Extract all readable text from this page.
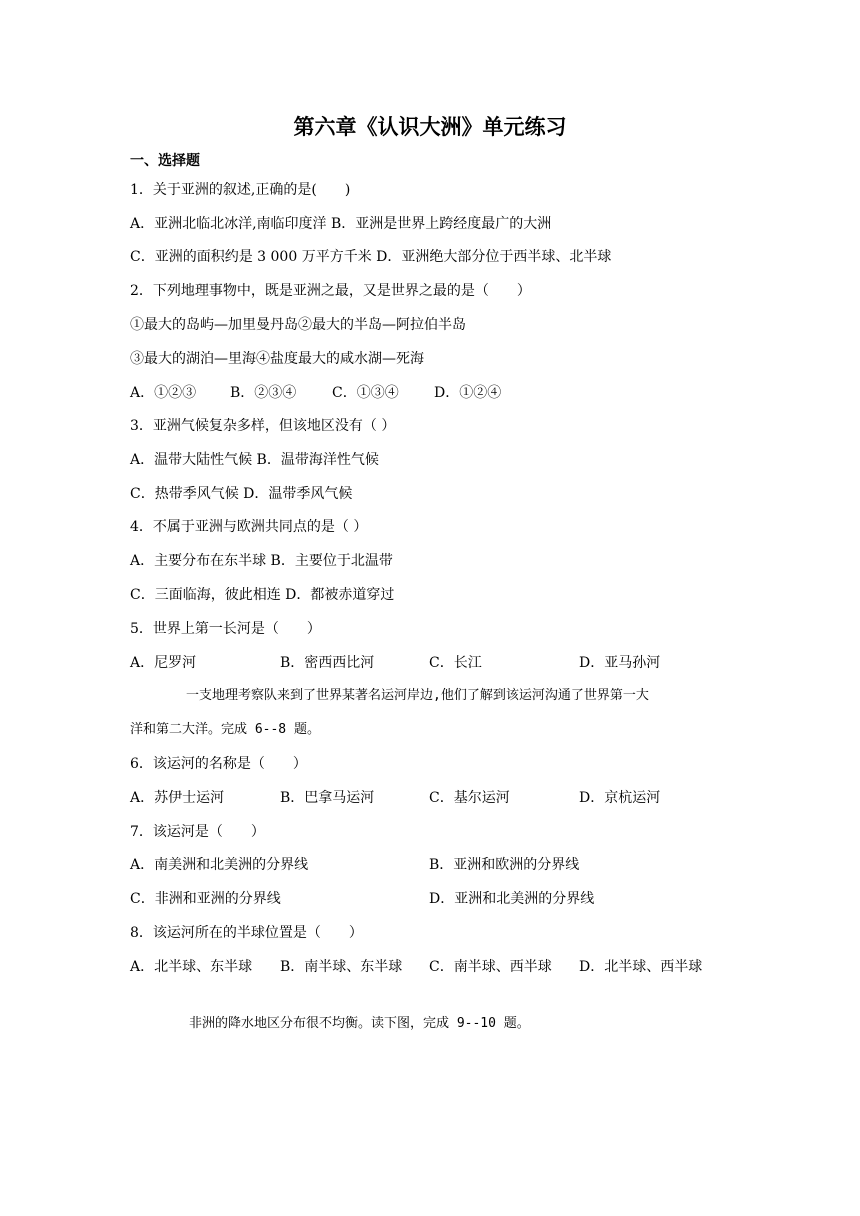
第六章《认识大洲》单元练习
一、选择题
1．关于亚洲的叙述,正确的是(　　)
A．亚洲北临北冰洋,南临印度洋 B．亚洲是世界上跨经度最广的大洲
C．亚洲的面积约是 3 000 万平方千米 D．亚洲绝大部分位于西半球、北半球
2．下列地理事物中，既是亚洲之最，又是世界之最的是（　　）
①最大的岛屿—加里曼丹岛②最大的半岛—阿拉伯半岛
③最大的湖泊—里海④盐度最大的咸水湖—死海
A．①②③ B．②③④	C．①③④	D．①②④
3．亚洲气候复杂多样，但该地区没有（ ）
A．温带大陆性气候 B．温带海洋性气候
C．热带季风气候 D．温带季风气候
4．不属于亚洲与欧洲共同点的是（ ）
A．主要分布在东半球 B．主要位于北温带
C．三面临海，彼此相连 D．都被赤道穿过
5．世界上第一长河是（　　）
A．尼罗河	B．密西西比河	C．长江	D．亚马孙河
一支地理考察队来到了世界某著名运河岸边,他们了解到该运河沟通了世界第一大
洋和第二大洋。完成 6--8 题。
6．该运河的名称是（　　）
A．苏伊士运河	B．巴拿马运河	C．基尔运河	D．京杭运河
7．该运河是（　　）
A．南美洲和北美洲的分界线	B．亚洲和欧洲的分界线
C．非洲和亚洲的分界线	D．亚洲和北美洲的分界线
8．该运河所在的半球位置是（　　）
A．北半球、东半球 B．南半球、东半球 C．南半球、西半球 D．北半球、西半球
非洲的降水地区分布很不均衡。读下图，完成 9--10 题。
